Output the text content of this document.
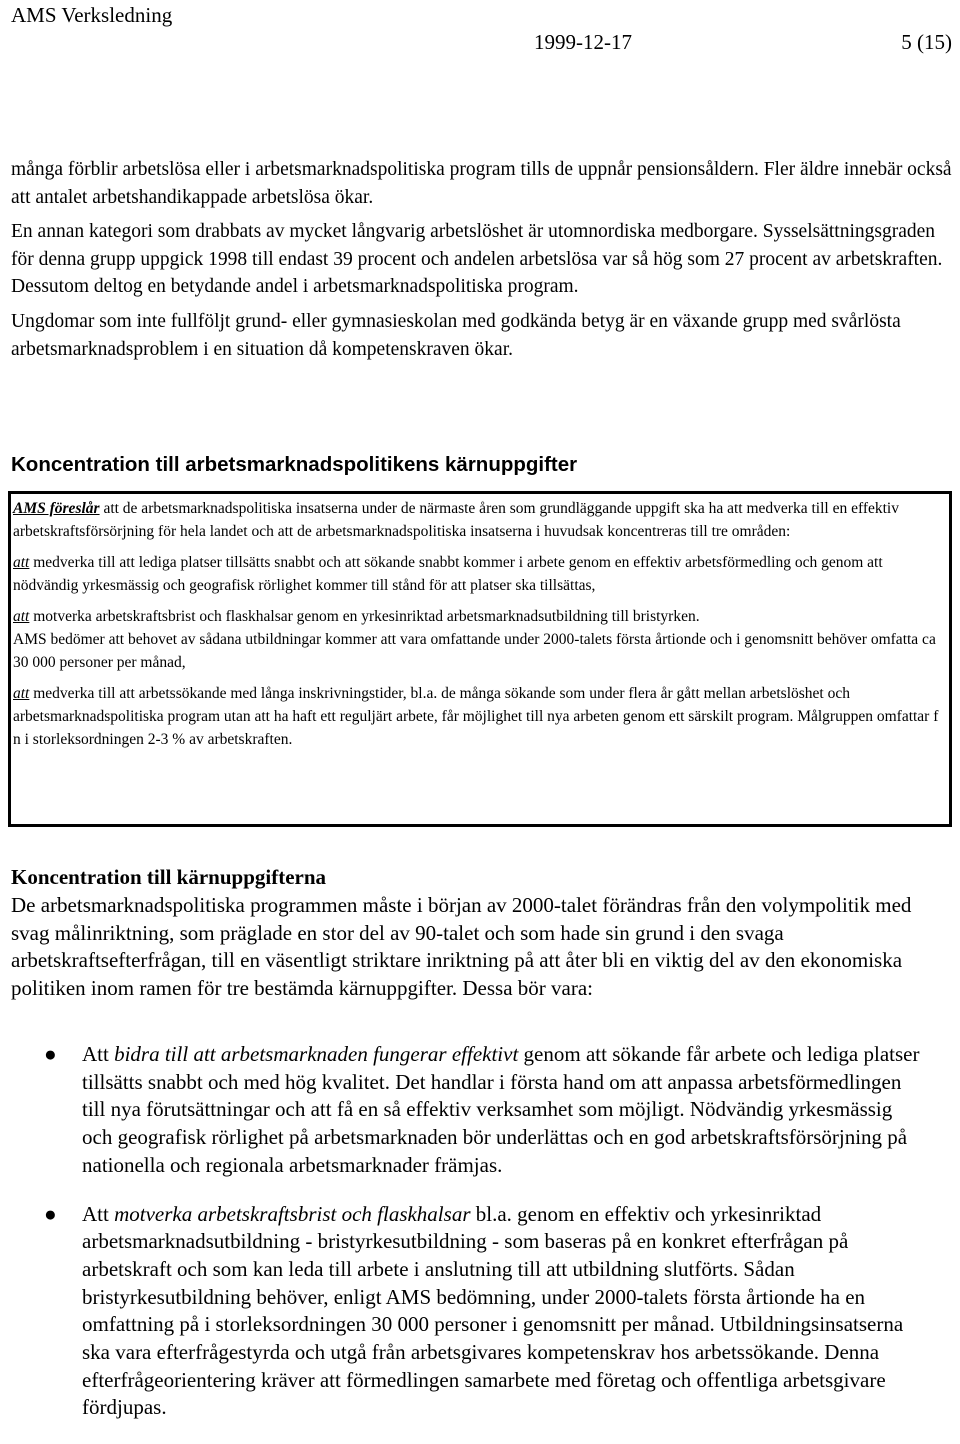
AMS Verksledning
1999-12-17	5 (15)

många förblir arbetslösa eller i arbetsmarknadspolitiska program tills de uppnår pensionsåldern. Fler äldre innebär också att antalet arbetshandikappade arbetslösa ökar.

En annan kategori som drabbats av mycket långvarig arbetslöshet är utomnordiska medborgare. Sysselsättningsgraden för denna grupp uppgick 1998 till endast 39 procent och andelen arbetslösa var så hög som 27 procent av arbetskraften. Dessutom deltog en betydande andel i arbetsmarknadspolitiska program.

Ungdomar som inte fullföljt grund- eller gymnasieskolan med godkända betyg är en växande grupp med svårlösta arbetsmarknadsproblem i en situation då kompetenskraven ökar.

Koncentration till arbetsmarknadspolitikens kärnuppgifter

AMS föreslår att de arbetsmarknadspolitiska insatserna under de närmaste åren som grundläggande uppgift ska ha att medverka till en effektiv arbetskraftsförsörjning för hela landet och att de arbetsmarknadspolitiska insatserna i huvudsak koncentreras till tre områden:

att medverka till att lediga platser tillsätts snabbt och att sökande snabbt kommer i arbete genom en effektiv arbetsförmedling och genom att nödvändig yrkesmässig och geografisk rörlighet kommer till stånd för att platser ska tillsättas,

att motverka arbetskraftsbrist och flaskhalsar genom en yrkesinriktad arbetsmarknadsutbildning till bristyrken.

AMS bedömer att behovet av sådana utbildningar kommer att vara omfattande under 2000-talets första årtionde och i genomsnitt behöver omfatta ca 30 000 personer per månad,

att medverka till att arbetssökande med långa inskrivningstider, bl.a. de många sökande som under flera år gått mellan arbetslöshet och arbetsmarknadspolitiska program utan att ha haft ett reguljärt arbete, får möjlighet till nya arbeten genom ett särskilt program. Målgruppen omfattar f n i storleksordningen 2-3 % av arbetskraften.

Koncentration till kärnuppgifterna

De arbetsmarknadspolitiska programmen måste i början av 2000-talet förändras från den volympolitik med svag målinriktning, som präglade en stor del av 90-talet och som hade sin grund i den svaga arbetskraftsefterfrågan, till en väsentligt striktare inriktning på att åter bli en viktig del av den ekonomiska politiken inom ramen för tre bestämda kärnuppgifter. Dessa bör vara:

● Att bidra till att arbetsmarknaden fungerar effektivt genom att sökande får arbete och lediga platser tillsätts snabbt och med hög kvalitet. Det handlar i första hand om att anpassa arbetsförmedlingen till nya förutsättningar och att få en så effektiv verksamhet som möjligt. Nödvändig yrkesmässig och geografisk rörlighet på arbetsmarknaden bör underlättas och en god arbetskraftsförsörjning på nationella och regionala arbetsmarknader främjas.
● Att motverka arbetskraftsbrist och flaskhalsar bl.a. genom en effektiv och yrkesinriktad arbetsmarknadsutbildning - bristyrkesutbildning - som baseras på en konkret efterfrågan på arbetskraft och som kan leda till arbete i anslutning till att utbildning slutförts. Sådan bristyrkesutbildning behöver, enligt AMS bedömning, under 2000-talets första årtionde ha en omfattning på i storleksordningen 30 000 personer i genomsnitt per månad. Utbildningsinsatserna ska vara efterfrågestyrda och utgå från arbetsgivares kompetenskrav hos arbetssökande. Denna efterfrågeorientering kräver att förmedlingen samarbete med företag och offentliga arbetsgivare fördjupas.
